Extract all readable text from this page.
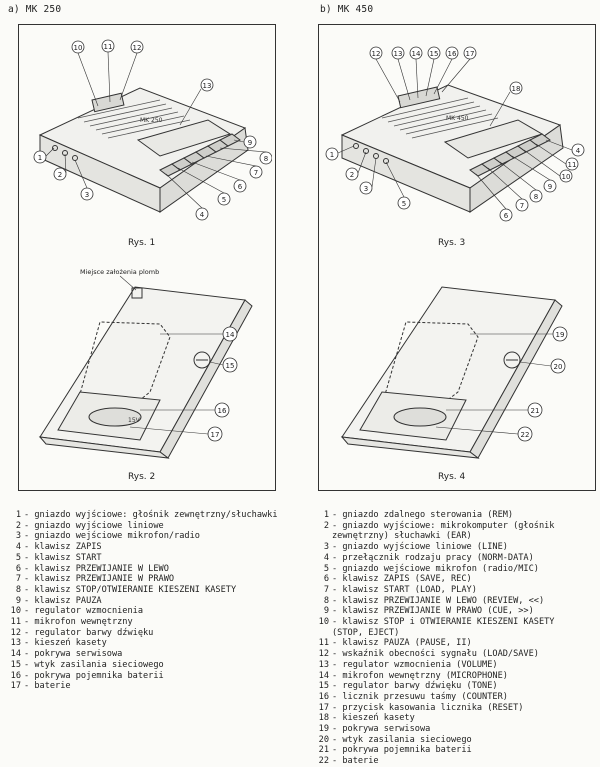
a) MK 250	b) MK 450
MK 250
10	11	12
13
1
2
3
4
5
6
7
8
9
Rys. 1
15V
Miejsce założenia plomb
14
15
16
17
Rys. 2
MK 450
12 13 14 15 16 17
18
1
2
3
5
6
7
8
9
10
11
4
Rys. 3
19
20
21
22
Rys. 4
1 - gniazdo wyjściowe: głośnik zewnętrzny/słuchawki
2 - gniazdo wyjściowe liniowe
3 - gniazdo wejściowe mikrofon/radio
4 - klawisz ZAPIS
5 - klawisz START
6 - klawisz PRZEWIJANIE W LEWO
7 - klawisz PRZEWIJANIE W PRAWO
8 - klawisz STOP/OTWIERANIE KIESZENI KASETY
9 - klawisz PAUZA
10 - regulator wzmocnienia
11 - mikrofon wewnętrzny
12 - regulator barwy dźwięku
13 - kieszeń kasety
14 - pokrywa serwisowa
15 - wtyk zasilania sieciowego
16 - pokrywa pojemnika baterii
17 - baterie
1 - gniazdo zdalnego sterowania (REM)
2 - gniazdo wyjściowe: mikrokomputer (głośnik zewnętrzny) słuchawki (EAR)
3 - gniazdo wyjściowe liniowe (LINE)
4 - przełącznik rodzaju pracy (NORM-DATA)
5 - gniazdo wejściowe mikrofon (radio/MIC)
6 - klawisz ZAPIS (SAVE, REC)
7 - klawisz START (LOAD, PLAY)
8 - klawisz PRZEWIJANIE W LEWO (REVIEW, <<)
9 - klawisz PRZEWIJANIE W PRAWO (CUE, >>)
10 - klawisz STOP i OTWIERANIE KIESZENI KASETY
(STOP, EJECT)
11 - klawisz PAUZA (PAUSE, II)
12 - wskaźnik obecności sygnału (LOAD/SAVE)
13 - regulator wzmocnienia (VOLUME)
14 - mikrofon wewnętrzny (MICROPHONE)
15 - regulator barwy dźwięku (TONE)
16 - licznik przesuwu taśmy (COUNTER)
17 - przycisk kasowania licznika (RESET)
18 - kieszeń kasety
19 - pokrywa serwisowa
20 - wtyk zasilania sieciowego
21 - pokrywa pojemnika baterii
22 - baterie
